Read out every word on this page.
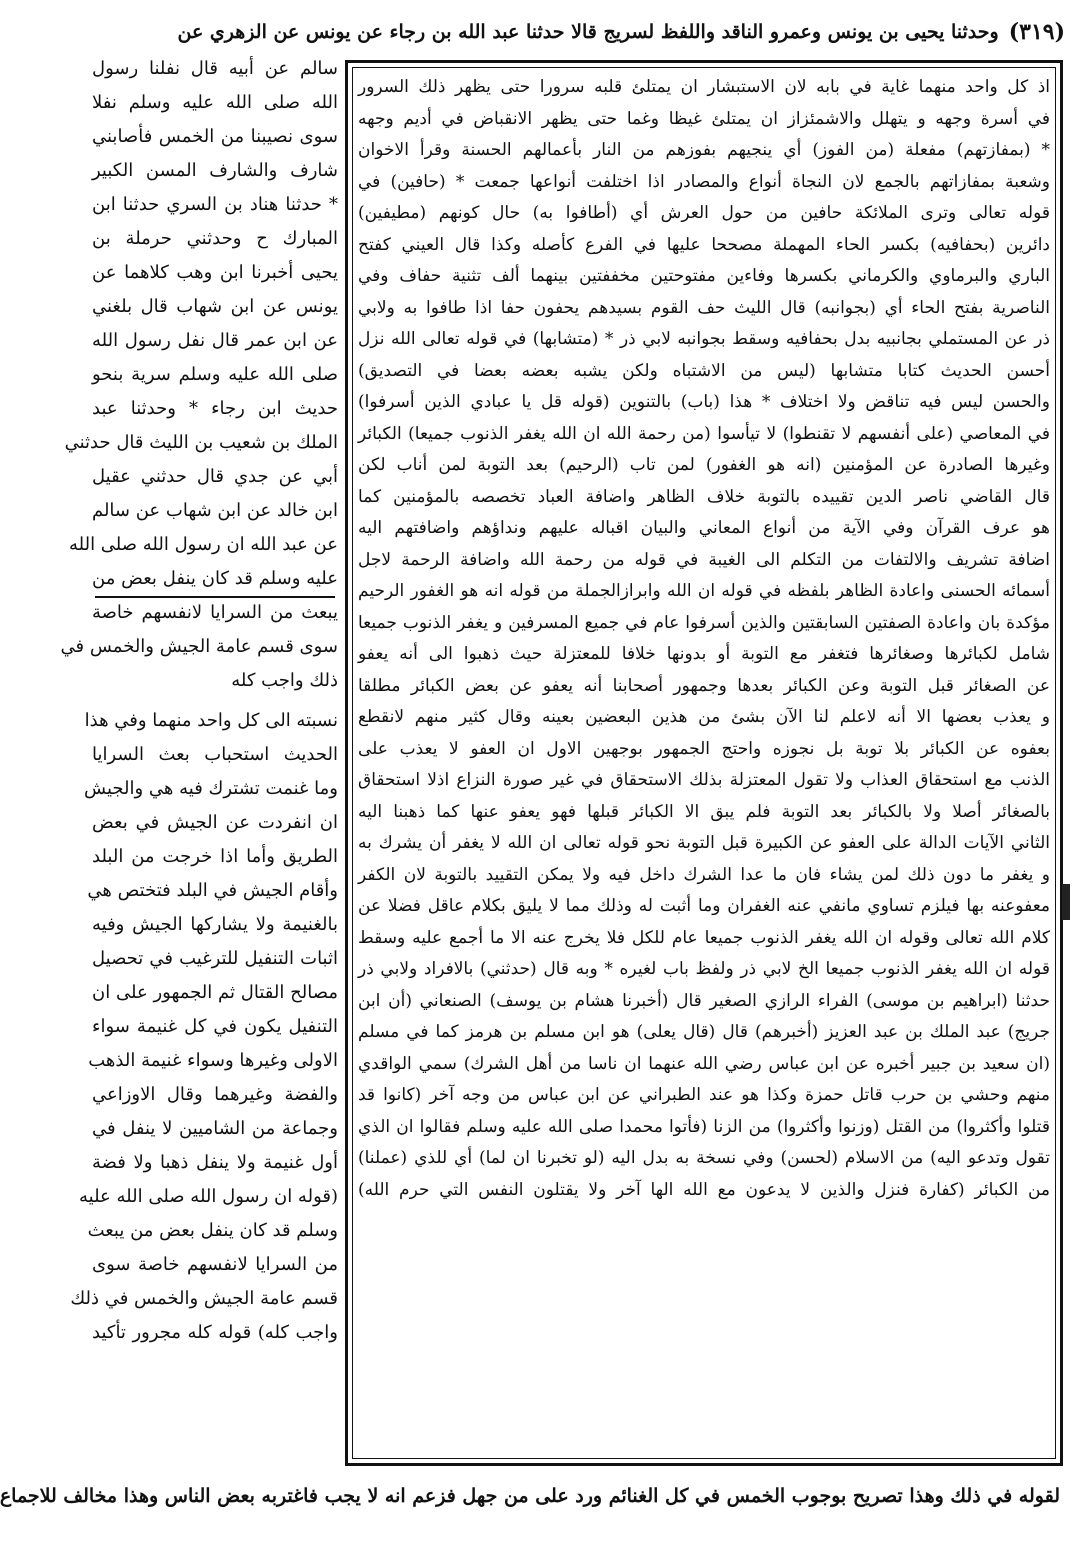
(٣١٩)
وحدثنا يحيى بن يونس وعمرو الناقد واللفظ لسريج قالا حدثنا عبد الله بن رجاء عن يونس عن الزهري عن
اذ كل واحد منهما غاية في بابه لان الاستبشار ان يمتلئ قلبه سرورا حتى يظهر ذلك السرور
في أسرة وجهه و يتهلل والاشمئزاز ان يمتلئ غيظا وغما حتى يظهر الانقباض في أديم وجهه
* (بمفازتهم) مفعلة (من الفوز) أي ينجيهم بفوزهم من النار بأعمالهم الحسنة وقرأ الاخوان
وشعبة بمفازاتهم بالجمع لان النجاة أنواع والمصادر اذا اختلفت أنواعها جمعت * (حافين) في
قوله تعالى وترى الملائكة حافين من حول العرش أي (أطافوا به) حال كونهم (مطيفين)
دائرين (بحفافيه) بكسر الحاء المهملة مصححا عليها في الفرع كأصله وكذا قال العيني كفتح
الباري والبرماوي والكرماني بكسرها وفاءين مفتوحتين مخففتين بينهما ألف تثنية حفاف وفي
الناصرية بفتح الحاء أي (بجوانبه) قال الليث حف القوم بسيدهم يحفون حفا اذا طافوا به ولابي
ذر عن المستملي بجانبيه بدل بحفافيه وسقط بجوانبه لابي ذر * (متشابها) في قوله تعالى الله نزل
أحسن الحديث كتابا متشابها (ليس من الاشتباه ولكن يشبه بعضه بعضا في التصديق)
والحسن ليس فيه تناقض ولا اختلاف * هذا (باب) بالتنوين (قوله قل يا عبادي الذين أسرفوا)
في المعاصي (على أنفسهم لا تقنطوا) لا تيأسوا (من رحمة الله ان الله يغفر الذنوب جميعا) الكبائر
وغيرها الصادرة عن المؤمنين (انه هو الغفور) لمن تاب (الرحيم) بعد التوبة لمن أناب لكن
قال القاضي ناصر الدين تقييده بالتوبة خلاف الظاهر واضافة العباد تخصصه بالمؤمنين كما
هو عرف القرآن وفي الآية من أنواع المعاني والبيان اقباله عليهم ونداؤهم واضافتهم اليه
اضافة تشريف والالتفات من التكلم الى الغيبة في قوله من رحمة الله واضافة الرحمة لاجل
أسمائه الحسنى واعادة الظاهر بلفظه في قوله ان الله وابرازالجملة من قوله انه هو الغفور الرحيم
مؤكدة بان واعادة الصفتين السابقتين والذين أسرفوا عام في جميع المسرفين و يغفر الذنوب جميعا
شامل لكبائرها وصغائرها فتغفر مع التوبة أو بدونها خلافا للمعتزلة حيث ذهبوا الى أنه يعفو
عن الصغائر قبل التوبة وعن الكبائر بعدها وجمهور أصحابنا أنه يعفو عن بعض الكبائر مطلقا
و يعذب بعضها الا أنه لاعلم لنا الآن بشئ من هذين البعضين بعينه وقال كثير منهم لانقطع
بعفوه عن الكبائر بلا توبة بل نجوزه واحتج الجمهور بوجهين الاول ان العفو لا يعذب على
الذنب مع استحقاق العذاب ولا تقول المعتزلة بذلك الاستحقاق في غير صورة النزاع اذلا استحقاق
بالصغائر أصلا ولا بالكبائر بعد التوبة فلم يبق الا الكبائر قبلها فهو يعفو عنها كما ذهبنا اليه
الثاني الآيات الدالة على العفو عن الكبيرة قبل التوبة نحو قوله تعالى ان الله لا يغفر أن يشرك به
و يغفر ما دون ذلك لمن يشاء فان ما عدا الشرك داخل فيه ولا يمكن التقييد بالتوبة لان الكفر
معفوعنه بها فيلزم تساوي مانفي عنه الغفران وما أثبت له وذلك مما لا يليق بكلام عاقل فضلا عن
كلام الله تعالى وقوله ان الله يغفر الذنوب جميعا عام للكل فلا يخرج عنه الا ما أجمع عليه وسقط
قوله ان الله يغفر الذنوب جميعا الخ لابي ذر ولفظ باب لغيره * وبه قال (حدثني) بالافراد ولابي ذر
حدثنا (ابراهيم بن موسى) الفراء الرازي الصغير قال (أخبرنا هشام بن يوسف) الصنعاني (أن ابن
جريج) عبد الملك بن عبد العزيز (أخبرهم) قال (قال يعلى) هو ابن مسلم بن هرمز كما في مسلم
(ان سعيد بن جبير أخبره عن ابن عباس رضي الله عنهما ان ناسا من أهل الشرك) سمي الواقدي
منهم وحشي بن حرب قاتل حمزة وكذا هو عند الطبراني عن ابن عباس من وجه آخر (كانوا قد
قتلوا وأكثروا) من القتل (وزنوا وأكثروا) من الزنا (فأتوا محمدا صلى الله عليه وسلم فقالوا ان الذي
تقول وتدعو اليه) من الاسلام (لحسن) وفي نسخة به بدل اليه (لو تخبرنا ان لما) أي للذي (عملنا)
من الكبائر (كفارة فنزل والذين لا يدعون مع الله الها آخر ولا يقتلون النفس التي حرم الله)
سالم عن أبيه قال نفلنا رسول
الله صلى الله عليه وسلم نفلا
سوى نصيبنا من الخمس فأصابني
شارف والشارف المسن الكبير
* حدثنا هناد بن السري حدثنا ابن
المبارك ح وحدثني حرملة بن
يحيى أخبرنا ابن وهب كلاهما عن
يونس عن ابن شهاب قال بلغني
عن ابن عمر قال نفل رسول الله
صلى الله عليه وسلم سرية بنحو
حديث ابن رجاء * وحدثنا عبد
الملك بن شعيب بن الليث قال حدثني
أبي عن جدي قال حدثني عقيل
ابن خالد عن ابن شهاب عن سالم
عن عبد الله ان رسول الله صلى الله
عليه وسلم قد كان ينفل بعض من
يبعث من السرايا لانفسهم خاصة
سوى قسم عامة الجيش والخمس في
ذلك واجب كله
نسبته الى كل واحد منهما وفي هذا
الحديث استحباب بعث السرايا
وما غنمت تشترك فيه هي والجيش
ان انفردت عن الجيش في بعض
الطريق وأما اذا خرجت من البلد
وأقام الجيش في البلد فتختص هي
بالغنيمة ولا يشاركها الجيش وفيه
اثبات التنفيل للترغيب في تحصيل
مصالح القتال ثم الجمهور على ان
التنفيل يكون في كل غنيمة سواء
الاولى وغيرها وسواء غنيمة الذهب
والفضة وغيرهما وقال الاوزاعي
وجماعة من الشاميين لا ينفل في
أول غنيمة ولا ينفل ذهبا ولا فضة
(قوله ان رسول الله صلى الله عليه
وسلم قد كان ينفل بعض من يبعث
من السرايا لانفسهم خاصة سوى
قسم عامة الجيش والخمس في ذلك
واجب كله) قوله كله مجرور تأكيد
لقوله في ذلك وهذا تصريح بوجوب الخمس في كل الغنائم ورد على من جهل فزعم انه لا يجب فاغتربه بعض الناس وهذا مخالف للاجماع
